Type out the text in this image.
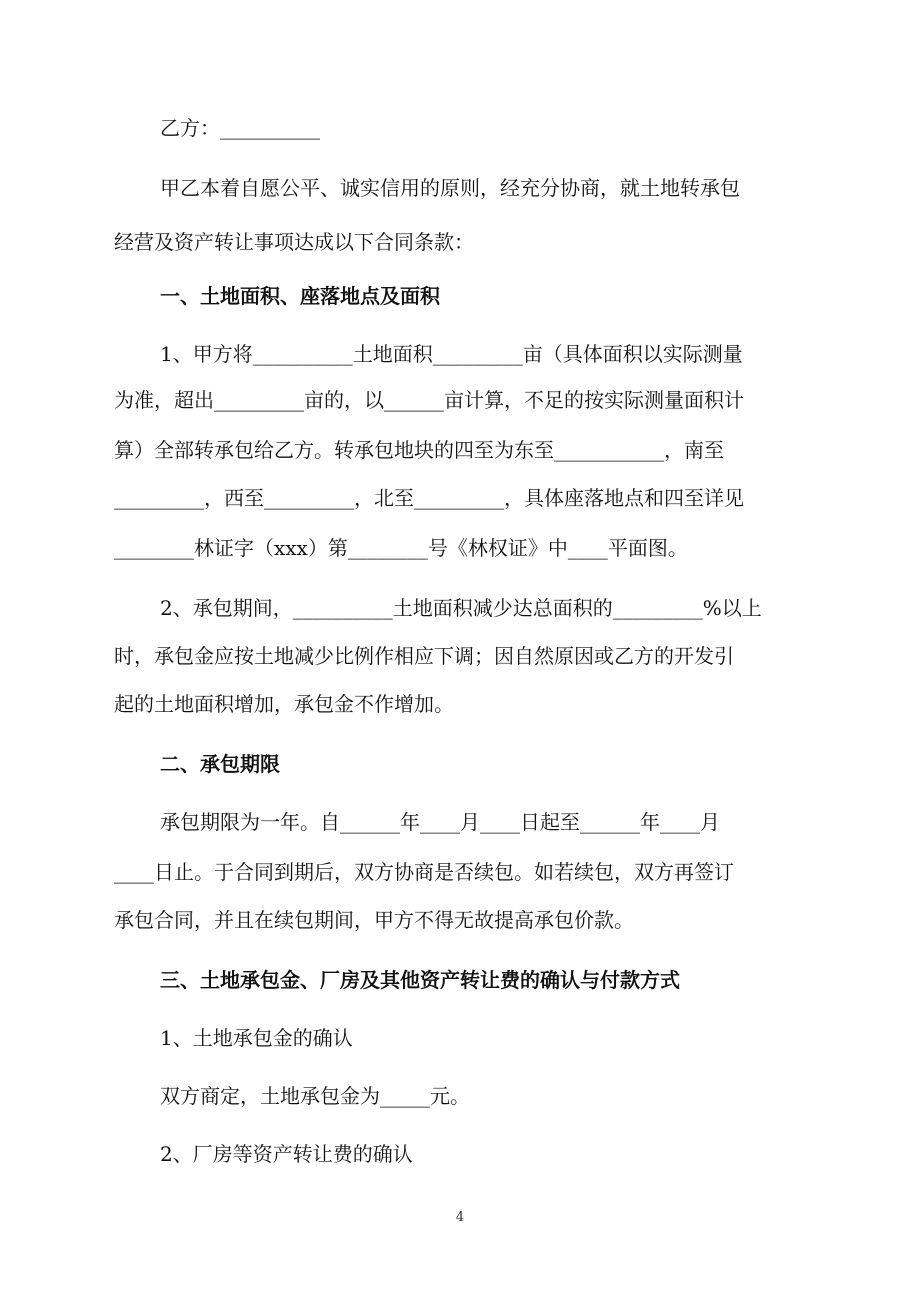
乙方：__________

甲乙本着自愿公平、诚实信用的原则，经充分协商，就土地转承包

经营及资产转让事项达成以下合同条款：

一、土地面积、座落地点及面积

1、甲方将__________土地面积_________亩（具体面积以实际测量

为准，超出_________亩的，以______亩计算，不足的按实际测量面积计

算）全部转承包给乙方。转承包地块的四至为东至___________，南至

_________，西至_________，北至_________，具体座落地点和四至详见

________林证字（xxx）第________号《林权证》中____平面图。

2、承包期间，__________土地面积减少达总面积的_________%以上

时，承包金应按土地减少比例作相应下调；因自然原因或乙方的开发引

起的土地面积增加，承包金不作增加。

二、承包期限

承包期限为一年。自______年____月____日起至______年____月

____日止。于合同到期后，双方协商是否续包。如若续包，双方再签订

承包合同，并且在续包期间，甲方不得无故提高承包价款。

三、土地承包金、厂房及其他资产转让费的确认与付款方式

1、土地承包金的确认

双方商定，土地承包金为_____元。

2、厂房等资产转让费的确认

4
